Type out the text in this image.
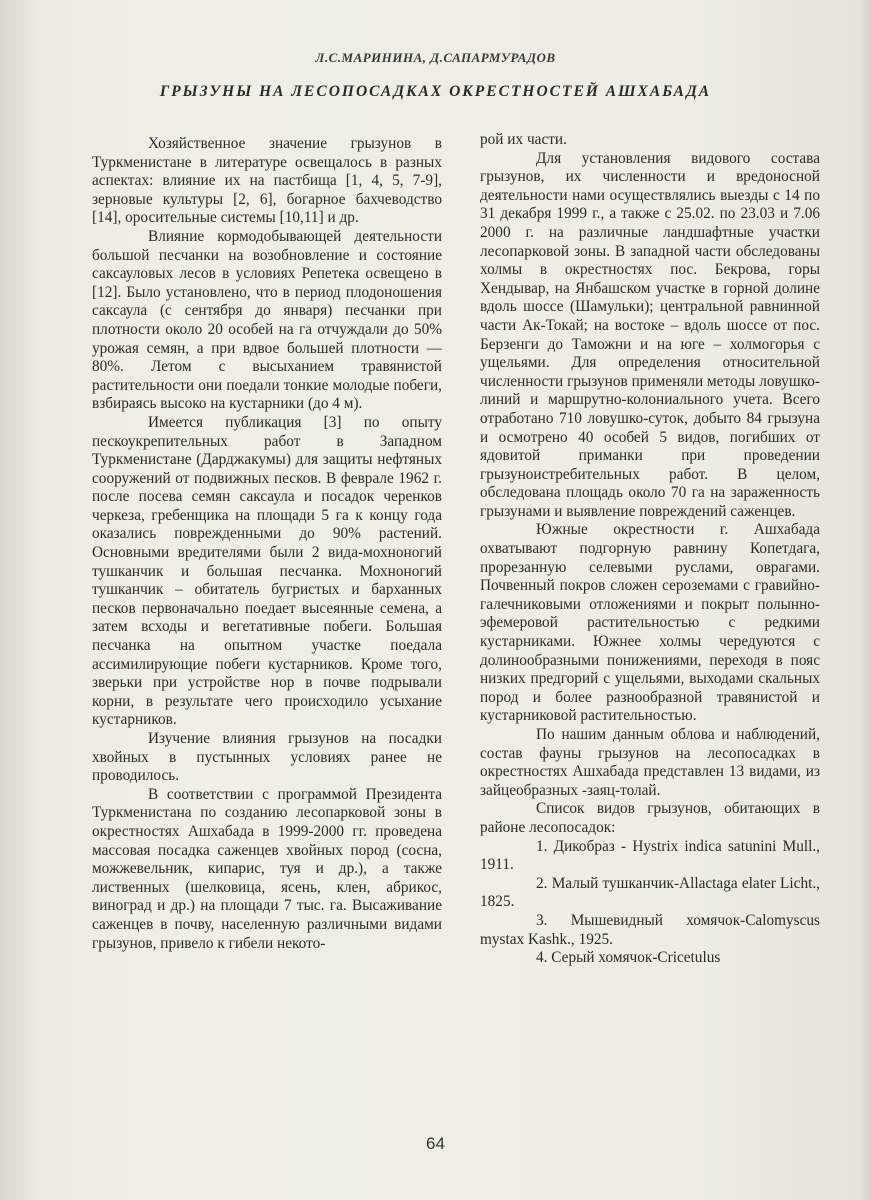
Л.С.МАРИНИНА, Д.САПАРМУРАДОВ
ГРЫЗУНЫ НА ЛЕСОПОСАДКАХ ОКРЕСТНОСТЕЙ АШХАБАДА

Хозяйственное значение грызунов в Туркменистане в литературе освещалось в разных аспектах: влияние их на пастбища [1, 4, 5, 7-9], зерновые культуры [2, 6], богарное бахчеводство [14], оросительные системы [10,11] и др.

Влияние кормодобывающей деятельности большой песчанки на возобновление и состояние саксауловых лесов в условиях Репетека освещено в [12]. Было установлено, что в период плодоношения саксаула (с сентября до января) песчанки при плотности около 20 особей на га отчуждали до 50% урожая семян, а при вдвое большей плотности — 80%. Летом с высыханием травянистой растительности они поедали тонкие молодые побеги, взбираясь высоко на кустарники (до 4 м).

Имеется публикация [3] по опыту пескоукрепительных работ в Западном Туркменистане (Дарджакумы) для защиты нефтяных сооружений от подвижных песков. В феврале 1962 г. после посева семян саксаула и посадок черенков черкеза, гребенщика на площади 5 га к концу года оказались поврежденными до 90% растений. Основными вредителями были 2 вида-мохноногий тушканчик и большая песчанка. Мохноногий тушканчик – обитатель бугристых и барханных песков первоначально поедает высеянные семена, а затем всходы и вегетативные побеги. Большая песчанка на опытном участке поедала ассимилирующие побеги кустарников. Кроме того, зверьки при устройстве нор в почве подрывали корни, в результате чего происходило усыхание кустарников.

Изучение влияния грызунов на посадки хвойных в пустынных условиях ранее не проводилось.

В соответствии с программой Президента Туркменистана по созданию лесопарковой зоны в окрестностях Ашхабада в 1999-2000 гг. проведена массовая посадка саженцев хвойных пород (сосна, можжевельник, кипарис, туя и др.), а также лиственных (шелковица, ясень, клен, абрикос, виноград и др.) на площади 7 тыс. га. Высаживание саженцев в почву, населенную различными видами грызунов, привело к гибели некото-

рой их части.

Для установления видового состава грызунов, их численности и вредоносной деятельности нами осуществлялись выезды с 14 по 31 декабря 1999 г., а также с 25.02. по 23.03 и 7.06 2000 г. на различные ландшафтные участки лесопарковой зоны. В западной части обследованы холмы в окрестностях пос. Бекрова, горы Хендывар, на Янбашском участке в горной долине вдоль шоссе (Шамульки); центральной равнинной части Ак-Токай; на востоке – вдоль шоссе от пос. Берзенги до Таможни и на юге – холмогорья с ущельями. Для определения относительной численности грызунов применяли методы ловушко-линий и маршрутно-колониального учета. Всего отработано 710 ловушко-суток, добыто 84 грызуна и осмотрено 40 особей 5 видов, погибших от ядовитой приманки при проведении грызуноистребительных работ. В целом, обследована площадь около 70 га на зараженность грызунами и выявление повреждений саженцев.

Южные окрестности г. Ашхабада охватывают подгорную равнину Копетдага, прорезанную селевыми руслами, оврагами. Почвенный покров сложен сероземами с гравийно-галечниковыми отложениями и покрыт полынно-эфемеровой растительностью с редкими кустарниками. Южнее холмы чередуются с долинообразными понижениями, переходя в пояс низких предгорий с ущельями, выходами скальных пород и более разнообразной травянистой и кустарниковой растительностью.

По нашим данным облова и наблюдений, состав фауны грызунов на лесопосадках в окрестностях Ашхабада представлен 13 видами, из зайцеобразных -заяц-толай.

Список видов грызунов, обитающих в районе лесопосадок:

1. Дикобраз - Hystrix indica satunini Mull., 1911.

2. Малый тушканчик-Allactaga elater Licht., 1825.

3. Мышевидный хомячок-Calomyscus mystax Kashk., 1925.

4. Серый хомячок-Cricetulus

64
